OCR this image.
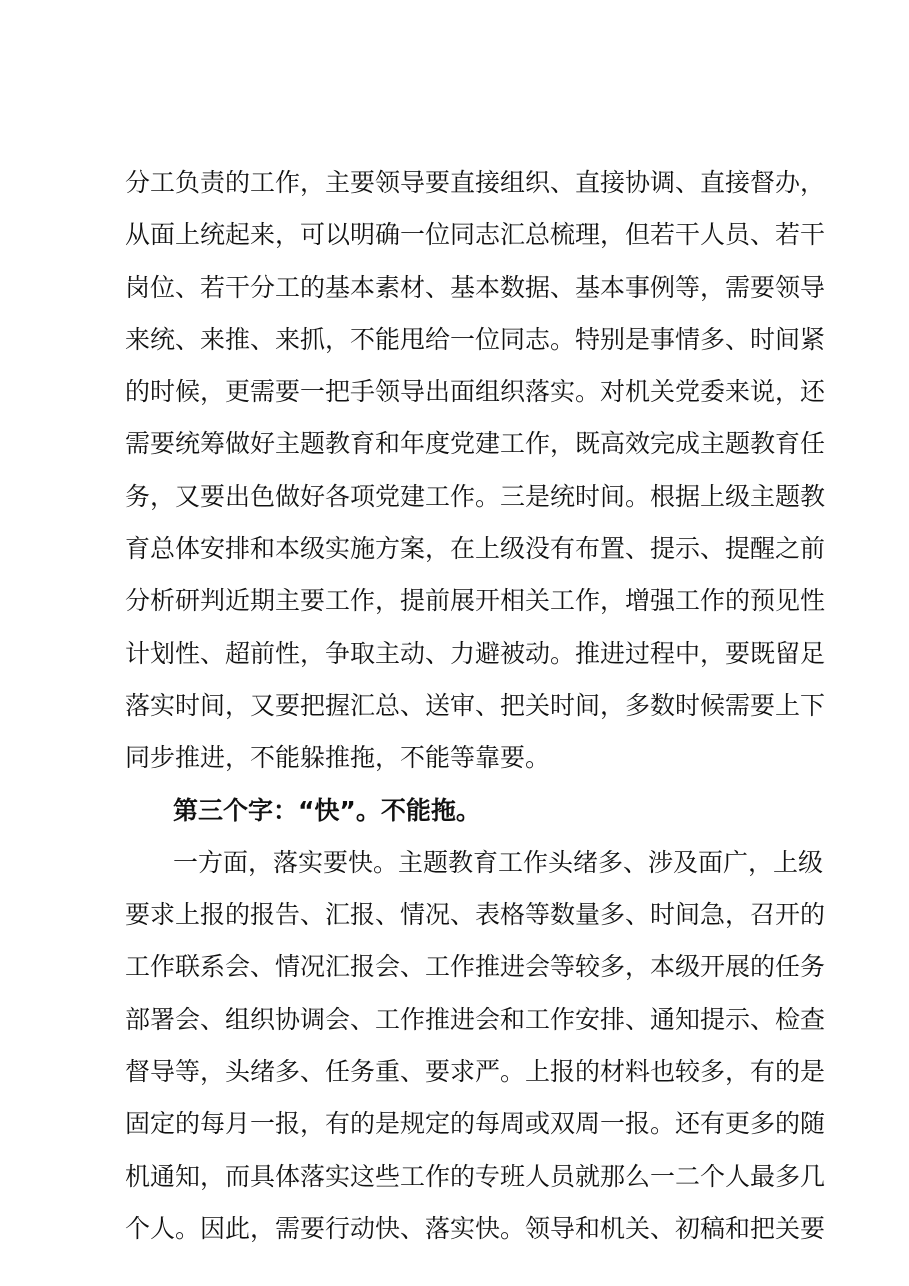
分工负责的工作，主要领导要直接组织、直接协调、直接督办，
从面上统起来，可以明确一位同志汇总梳理，但若干人员、若干
岗位、若干分工的基本素材、基本数据、基本事例等，需要领导
来统、来推、来抓，不能甩给一位同志。特别是事情多、时间紧
的时候，更需要一把手领导出面组织落实。对机关党委来说，还
需要统筹做好主题教育和年度党建工作，既高效完成主题教育任
务，又要出色做好各项党建工作。三是统时间。根据上级主题教
育总体安排和本级实施方案，在上级没有布置、提示、提醒之前
分析研判近期主要工作，提前展开相关工作，增强工作的预见性
计划性、超前性，争取主动、力避被动。推进过程中，要既留足
落实时间，又要把握汇总、送审、把关时间，多数时候需要上下
同步推进，不能躲推拖，不能等靠要。
第三个字：“快”。不能拖。
一方面，落实要快。主题教育工作头绪多、涉及面广，上级
要求上报的报告、汇报、情况、表格等数量多、时间急，召开的
工作联系会、情况汇报会、工作推进会等较多，本级开展的任务
部署会、组织协调会、工作推进会和工作安排、通知提示、检查
督导等，头绪多、任务重、要求严。上报的材料也较多，有的是
固定的每月一报，有的是规定的每周或双周一报。还有更多的随
机通知，而具体落实这些工作的专班人员就那么一二个人最多几
个人。因此，需要行动快、落实快。领导和机关、初稿和把关要
